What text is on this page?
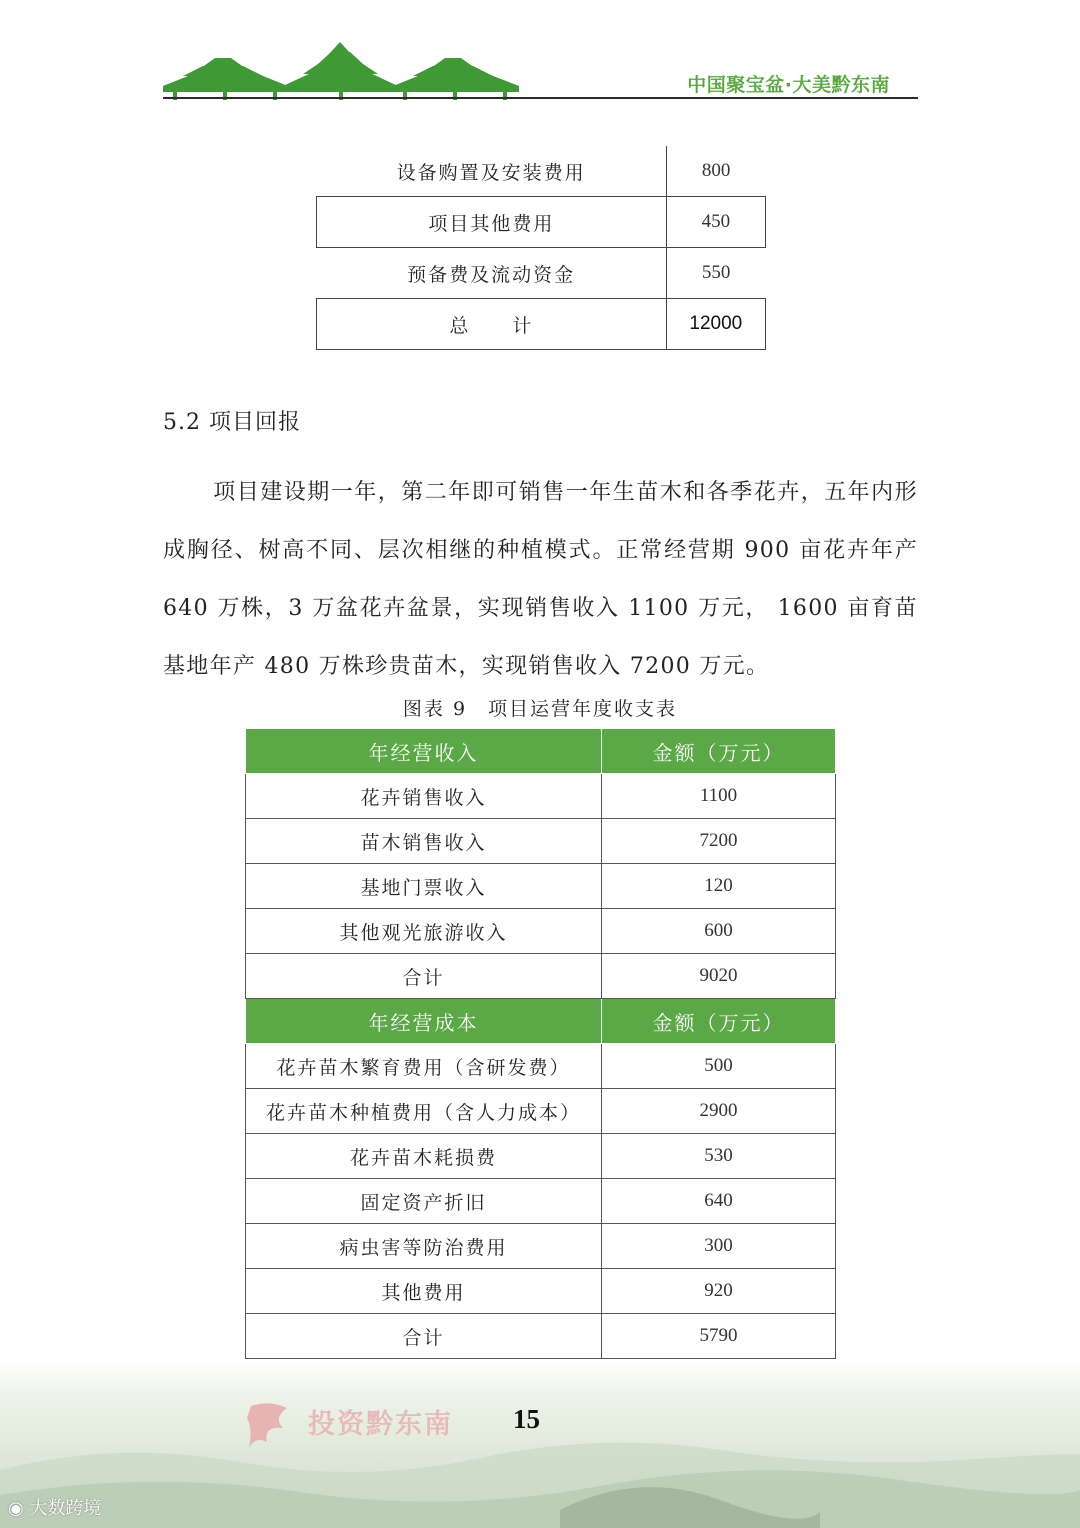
中国聚宝盆·大美黔东南
设备购置及安装费用	800
项目其他费用	450
预备费及流动资金	550
总　　计	12000
5.2 项目回报

项目建设期一年，第二年即可销售一年生苗木和各季花卉，五年内形成胸径、树高不同、层次相继的种植模式。正常经营期 900 亩花卉年产 640 万株，3 万盆花卉盆景，实现销售收入 1100 万元， 1600 亩育苗基地年产 480 万株珍贵苗木，实现销售收入 7200 万元。

图表 9　项目运营年度收支表
年经营收入	金额（万元）
花卉销售收入	1100
苗木销售收入	7200
基地门票收入	120
其他观光旅游收入	600
合计	9020
年经营成本	金额（万元）
花卉苗木繁育费用（含研发费）	500
花卉苗木种植费用（含人力成本）	2900
花卉苗木耗损费	530
固定资产折旧	640
病虫害等防治费用	300
其他费用	920
合计	5790
投资黔东南 15
◉ 大数跨境
